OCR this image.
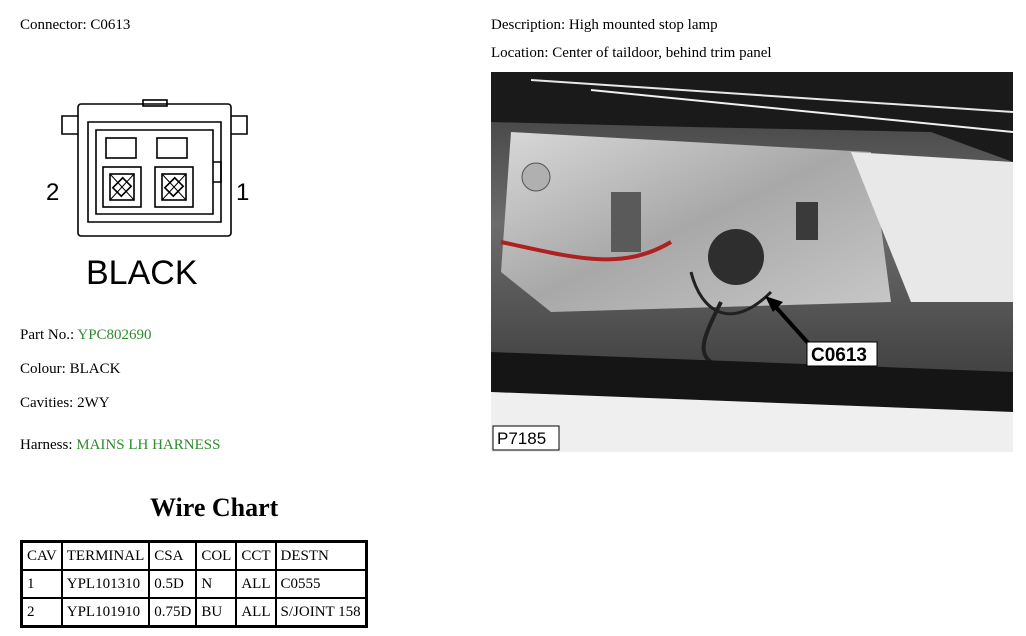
Connector: C0613	Description: High mounted stop lamp
Location: Center of taildoor, behind trim panel
2	1
BLACK
C0613
P7185
Part No.: YPC802690
Colour: BLACK
Cavities: 2WY
Harness: MAINS LH HARNESS
Wire Chart
CAV	TERMINAL	CSA	COL	CCT	DESTN
1	YPL101310	0.5D	N	ALL	C0555
2	YPL101910	0.75D	BU	ALL	S/JOINT 158
